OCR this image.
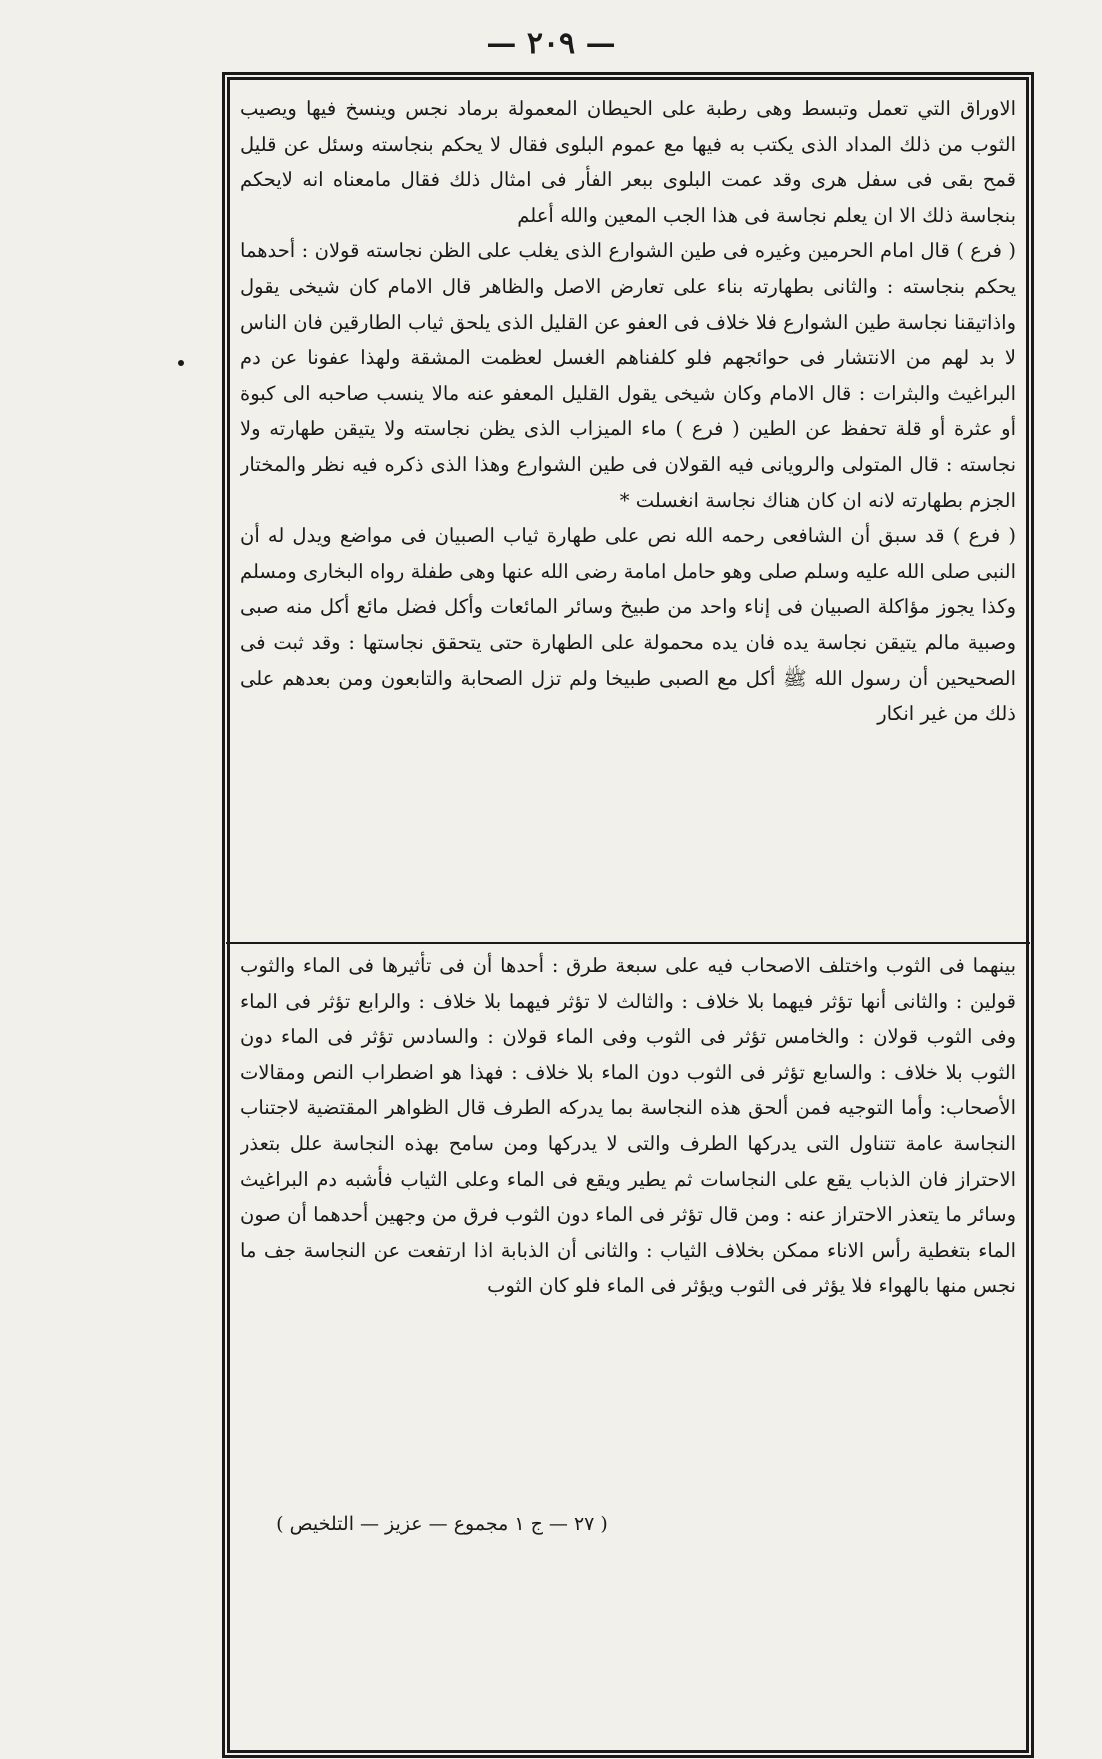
— ٢٠٩ —

الاوراق التي تعمل وتبسط وهى رطبة على الحيطان المعمولة برماد نجس وينسخ فيها ويصيب الثوب من ذلك المداد الذى يكتب به فيها مع عموم البلوى فقال لا يحكم بنجاسته وسئل عن قليل قمح بقى فى سفل هرى وقد عمت البلوى ببعر الفأر فى امثال ذلك فقال مامعناه انه لايحكم بنجاسة ذلك الا ان يعلم نجاسة فى هذا الجب المعين والله أعلم

( فرع ) قال امام الحرمين وغيره فى طين الشوارع الذى يغلب على الظن نجاسته قولان : أحدهما يحكم بنجاسته : والثانى بطهارته بناء على تعارض الاصل والظاهر قال الامام كان شيخى يقول واذاتيقنا نجاسة طين الشوارع فلا خلاف فى العفو عن القليل الذى يلحق ثياب الطارقين فان الناس لا بد لهم من الانتشار فى حوائجهم فلو كلفناهم الغسل لعظمت المشقة ولهذا عفونا عن دم البراغيث والبثرات : قال الامام وكان شيخى يقول القليل المعفو عنه مالا ينسب صاحبه الى كبوة أو عثرة أو قلة تحفظ عن الطين ( فرع ) ماء الميزاب الذى يظن نجاسته ولا يتيقن طهارته ولا نجاسته : قال المتولى والرويانى فيه القولان فى طين الشوارع وهذا الذى ذكره فيه نظر والمختار الجزم بطهارته لانه ان كان هناك نجاسة انغسلت *

( فرع ) قد سبق أن الشافعى رحمه الله نص على طهارة ثياب الصبيان فى مواضع ويدل له أن النبى صلى الله عليه وسلم صلى وهو حامل امامة رضى الله عنها وهى طفلة رواه البخارى ومسلم وكذا يجوز مؤاكلة الصبيان فى إناء واحد من طبيخ وسائر المائعات وأكل فضل مائع أكل منه صبى وصبية مالم يتيقن نجاسة يده فان يده محمولة على الطهارة حتى يتحقق نجاستها : وقد ثبت فى الصحيحين أن رسول الله ﷺ أكل مع الصبى طبيخا ولم تزل الصحابة والتابعون ومن بعدهم على ذلك من غير انكار

بينهما فى الثوب واختلف الاصحاب فيه على سبعة طرق : أحدها أن فى تأثيرها فى الماء والثوب قولين : والثانى أنها تؤثر فيهما بلا خلاف : والثالث لا تؤثر فيهما بلا خلاف : والرابع تؤثر فى الماء وفى الثوب قولان : والخامس تؤثر فى الثوب وفى الماء قولان : والسادس تؤثر فى الماء دون الثوب بلا خلاف : والسابع تؤثر فى الثوب دون الماء بلا خلاف : فهذا هو اضطراب النص ومقالات الأصحاب: وأما التوجيه فمن ألحق هذه النجاسة بما يدركه الطرف قال الظواهر المقتضية لاجتناب النجاسة عامة تتناول التى يدركها الطرف والتى لا يدركها ومن سامح بهذه النجاسة علل بتعذر الاحتراز فان الذباب يقع على النجاسات ثم يطير ويقع فى الماء وعلى الثياب فأشبه دم البراغيث وسائر ما يتعذر الاحتراز عنه : ومن قال تؤثر فى الماء دون الثوب فرق من وجهين أحدهما أن صون الماء بتغطية رأس الاناء ممكن بخلاف الثياب : والثانى أن الذبابة اذا ارتفعت عن النجاسة جف ما نجس منها بالهواء فلا يؤثر فى الثوب ويؤثر فى الماء فلو كان الثوب

( ٢٧ — ج ١ مجموع — عزيز — التلخيص )
